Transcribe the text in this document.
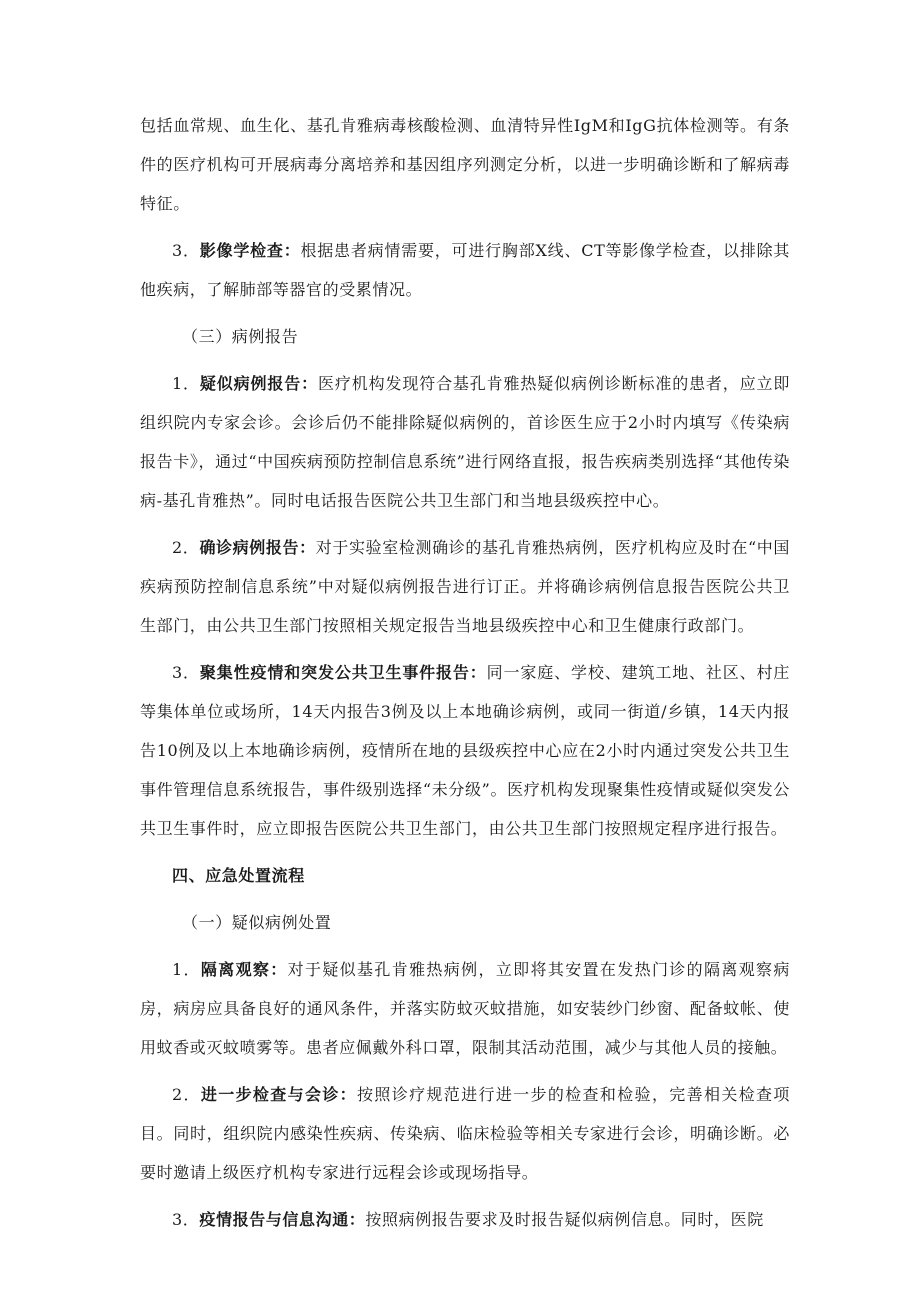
包括血常规、血生化、基孔肯雅病毒核酸检测、血清特异性IgM和IgG抗体检测等。有条件的医疗机构可开展病毒分离培养和基因组序列测定分析，以进一步明确诊断和了解病毒特征。

3．影像学检查：根据患者病情需要，可进行胸部X线、CT等影像学检查，以排除其他疾病，了解肺部等器官的受累情况。

（三）病例报告

1．疑似病例报告：医疗机构发现符合基孔肯雅热疑似病例诊断标准的患者，应立即组织院内专家会诊。会诊后仍不能排除疑似病例的，首诊医生应于2小时内填写《传染病报告卡》，通过“中国疾病预防控制信息系统”进行网络直报，报告疾病类别选择“其他传染病-基孔肯雅热”。同时电话报告医院公共卫生部门和当地县级疾控中心。

2．确诊病例报告：对于实验室检测确诊的基孔肯雅热病例，医疗机构应及时在“中国疾病预防控制信息系统”中对疑似病例报告进行订正。并将确诊病例信息报告医院公共卫生部门，由公共卫生部门按照相关规定报告当地县级疾控中心和卫生健康行政部门。

3．聚集性疫情和突发公共卫生事件报告：同一家庭、学校、建筑工地、社区、村庄等集体单位或场所，14天内报告3例及以上本地确诊病例，或同一街道/乡镇，14天内报告10例及以上本地确诊病例，疫情所在地的县级疾控中心应在2小时内通过突发公共卫生事件管理信息系统报告，事件级别选择“未分级”。医疗机构发现聚集性疫情或疑似突发公共卫生事件时，应立即报告医院公共卫生部门，由公共卫生部门按照规定程序进行报告。

四、应急处置流程

（一）疑似病例处置

1．隔离观察：对于疑似基孔肯雅热病例，立即将其安置在发热门诊的隔离观察病房，病房应具备良好的通风条件，并落实防蚊灭蚊措施，如安装纱门纱窗、配备蚊帐、使用蚊香或灭蚊喷雾等。患者应佩戴外科口罩，限制其活动范围，减少与其他人员的接触。

2．进一步检查与会诊：按照诊疗规范进行进一步的检查和检验，完善相关检查项目。同时，组织院内感染性疾病、传染病、临床检验等相关专家进行会诊，明确诊断。必要时邀请上级医疗机构专家进行远程会诊或现场指导。

3．疫情报告与信息沟通：按照病例报告要求及时报告疑似病例信息。同时，医院
